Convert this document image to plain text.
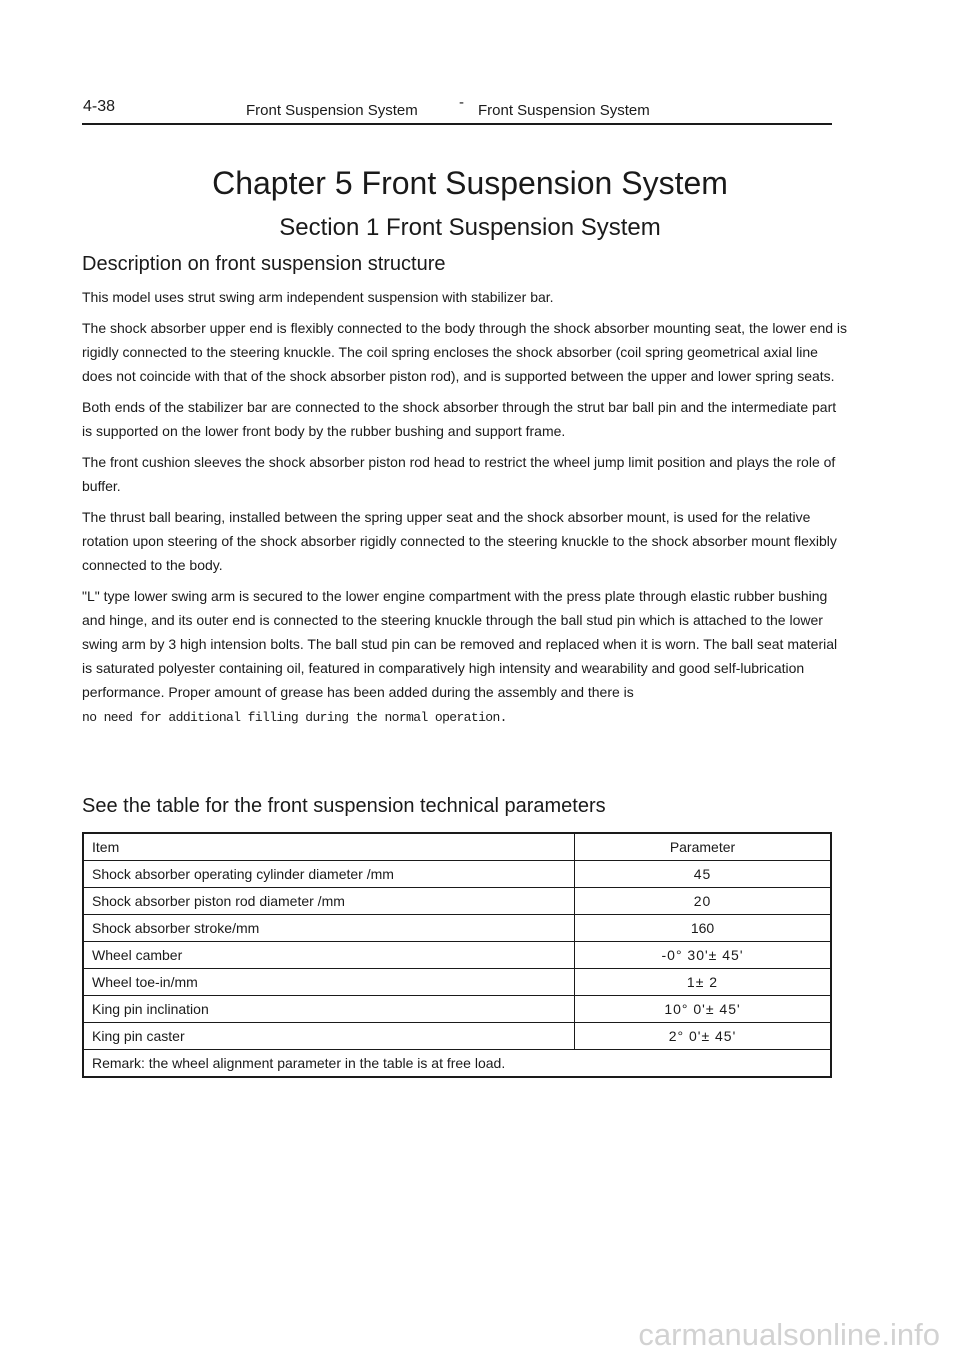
4-38	Front Suspension System	- Front Suspension System
Chapter 5 Front Suspension System
Section 1 Front Suspension System
Description on front suspension structure

This model uses strut swing arm independent suspension with stabilizer bar.

The shock absorber upper end is flexibly connected to the body through the shock absorber mounting seat, the lower end is rigidly connected to the steering knuckle. The coil spring encloses the shock absorber (coil spring geometrical axial line does not coincide with that of the shock absorber piston rod), and is supported between the upper and lower spring seats.

Both ends of the stabilizer bar are connected to the shock absorber through the strut bar ball pin and the intermediate part is supported on the lower front body by the rubber bushing and support frame.

The front cushion sleeves the shock absorber piston rod head to restrict the wheel jump limit position and plays the role of buffer.

The thrust ball bearing, installed between the spring upper seat and the shock absorber mount, is used for the relative rotation upon steering of the shock absorber rigidly connected to the steering knuckle to the shock absorber mount flexibly connected to the body.

"L" type lower swing arm is secured to the lower engine compartment with the press plate through elastic rubber bushing and hinge, and its outer end is connected to the steering knuckle through the ball stud pin which is attached to the lower swing arm by 3 high intension bolts. The ball stud pin can be removed and replaced when it is worn. The ball seat material is saturated polyester containing oil, featured in comparatively high intensity and wearability and good self-lubrication performance. Proper amount of grease has been added during the assembly and there is
no need for additional filling during the normal operation.

See the table for the front suspension technical parameters
Item	Parameter
Shock absorber operating cylinder diameter /mm	45
Shock absorber piston rod diameter /mm	20
Shock absorber stroke/mm	160
Wheel camber	-0° 30'± 45'
Wheel toe-in/mm	1± 2
King pin inclination	10° 0'± 45'
King pin caster	2° 0'± 45'
Remark: the wheel alignment parameter in the table is at free load.	
carmanualsonline.info
